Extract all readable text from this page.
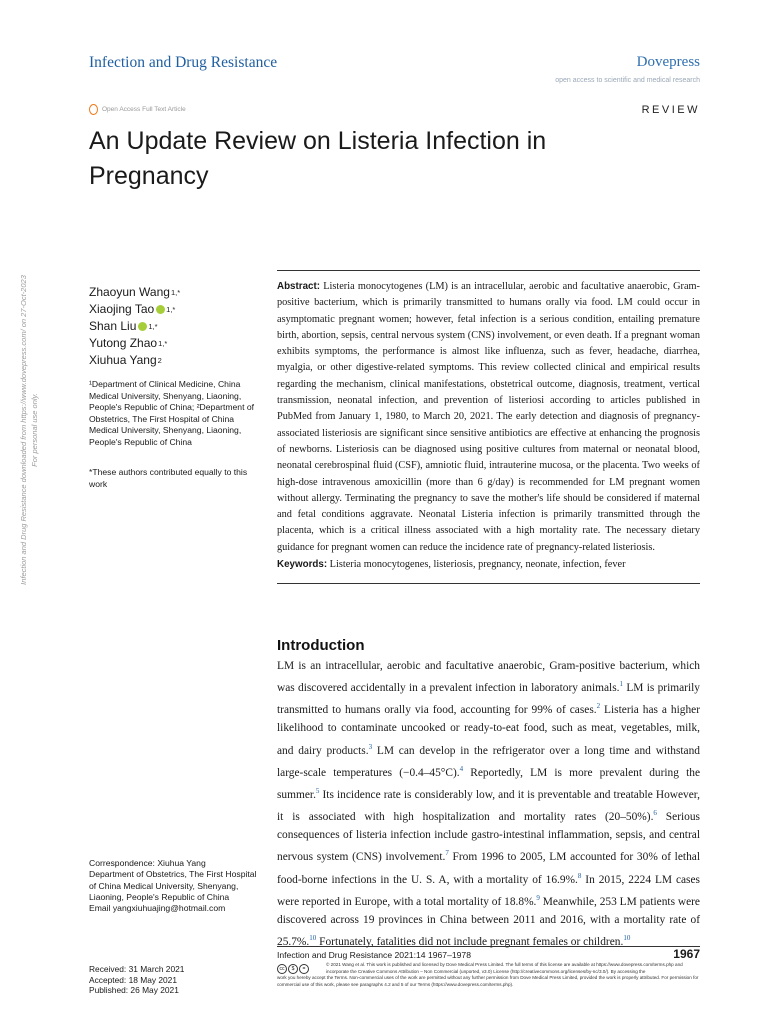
Infection and Drug Resistance	Dovepress
open access to scientific and medical research
Open Access Full Text Article	REVIEW
An Update Review on Listeria Infection in Pregnancy
Infection and Drug Resistance downloaded from https://www.dovepress.com/ on 27-Oct-2023 For personal use only.
Zhaoyun Wang 1,*
Xiaojing Tao 1,*
Shan Liu 1,*
Yutong Zhao 1,*
Xiuhua Yang 2
¹Department of Clinical Medicine, China Medical University, Shenyang, Liaoning, People's Republic of China; ²Department of Obstetrics, The First Hospital of China Medical University, Shenyang, Liaoning, People's Republic of China
*These authors contributed equally to this work

Abstract: Listeria monocytogenes (LM) is an intracellular, aerobic and facultative anaerobic, Gram-positive bacterium, which is primarily transmitted to humans orally via food. LM could occur in asymptomatic pregnant women; however, fetal infection is a serious condition, entailing premature birth, abortion, sepsis, central nervous system (CNS) involvement, or even death. If a pregnant woman exhibits symptoms, the performance is almost like influenza, such as fever, headache, diarrhea, myalgia, or other digestive-related symptoms. This review collected clinical and empirical results regarding the mechanism, clinical manifestations, obstetrical outcome, diagnosis, treatment, vertical transmission, neonatal infection, and prevention of listeriosi according to articles published in PubMed from January 1, 1980, to March 20, 2021. The early detection and diagnosis of pregnancy-associated listeriosis are significant since sensitive antibiotics are effective at enhancing the prognosis of newborns. Listeriosis can be diagnosed using positive cultures from maternal or neonatal blood, neonatal cerebrospinal fluid (CSF), amniotic fluid, intrauterine mucosa, or the placenta. Two weeks of high-dose intravenous amoxicillin (more than 6 g/day) is recommended for LM pregnant women without allergy. Terminating the pregnancy to save the mother's life should be considered if maternal and fetal conditions aggravate. Neonatal Listeria infection is primarily transmitted through the placenta, which is a critical illness associated with a high mortality rate. The necessary dietary guidance for pregnant women can reduce the incidence rate of pregnancy-related listeriosis.

Keywords: Listeria monocytogenes, listeriosis, pregnancy, neonate, infection, fever

Introduction

LM is an intracellular, aerobic and facultative anaerobic, Gram-positive bacterium, which was discovered accidentally in a prevalent infection in laboratory animals.$^1$ LM is primarily transmitted to humans orally via food, accounting for 99% of cases.$^2$ Listeria has a higher likelihood to contaminate uncooked or ready-to-eat food, such as meat, vegetables, milk, and dairy products.$^3$ LM can develop in the refrigerator over a long time and withstand large-scale temperatures (−0.4–45°C).$^4$ Reportedly, LM is more prevalent during the summer.$^5$ Its incidence rate is considerably low, and it is preventable and treatable However, it is associated with high hospitalization and mortality rates (20–50%).$^6$ Serious consequences of listeria infection include gastro-intestinal inflammation, sepsis, and central nervous system (CNS) involvement.$^7$ From 1996 to 2005, LM accounted for 30% of lethal food-borne infections in the U. S. A, with a mortality of 16.9%.$^8$ In 2015, 2224 LM cases were reported in Europe, with a total mortality of 18.8%.$^9$ Meanwhile, 253 LM patients were discovered across 19 provinces in China between 2011 and 2016, with a mortality rate of 25.7%.$^{10}$ Fortunately, fatalities did not include pregnant females or children.$^{10}$

Correspondence: Xiuhua Yang
Department of Obstetrics, The First Hospital of China Medical University, Shenyang, Liaoning, People's Republic of China
Email yangxiuhuajing@hotmail.com
Received: 31 March 2021
Accepted: 18 May 2021
Published: 26 May 2021
Infection and Drug Resistance 2021:14 1967–1978	1967
cc	$	=
© 2021 Wang et al. This work is published and licensed by Dove Medical Press Limited. The full terms of this license are available at https://www.dovepress.com/terms.php and incorporate the Creative Commons Attribution – Non Commercial (unported, v3.0) License (http://creativecommons.org/licenses/by-nc/3.0/). By accessing the
work you hereby accept the Terms. Non-commercial uses of the work are permitted without any further permission from Dove Medical Press Limited, provided the work is properly attributed. For permission for commercial use of this work, please see paragraphs 4.2 and 5 of our Terms (https://www.dovepress.com/terms.php).
